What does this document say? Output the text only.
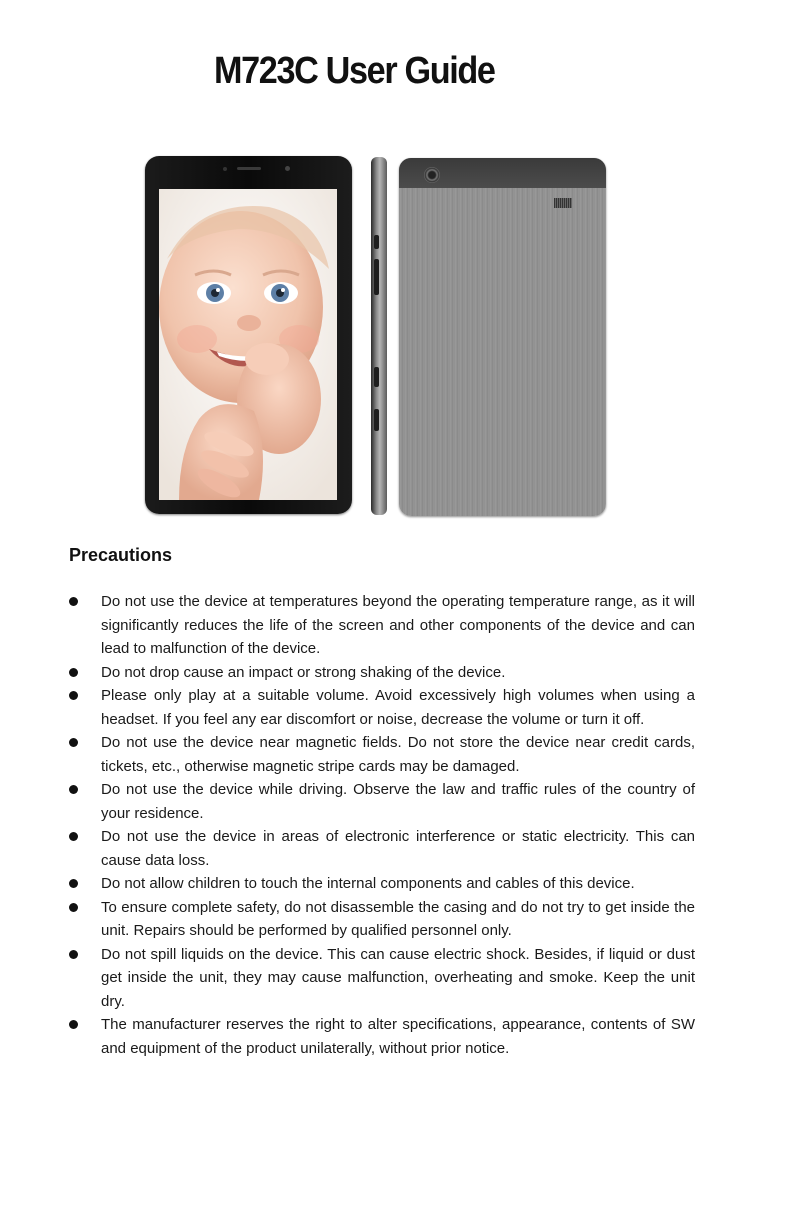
M723C User Guide
Precautions
Do not use the device at temperatures beyond the operating temperature range, as it will significantly reduces the life of the screen and other components of the device and can lead to malfunction of the device.
Do not drop cause an impact or strong shaking of the device.
Please only play at a suitable volume. Avoid excessively high volumes when using a headset. If you feel any ear discomfort or noise, decrease the volume or turn it off.
Do not use the device near magnetic fields. Do not store the device near credit cards, tickets, etc., otherwise magnetic stripe cards may be damaged.
Do not use the device while driving. Observe the law and traffic rules of the country of your residence.
Do not use the device in areas of electronic interference or static electricity. This can cause data loss.
Do not allow children to touch the internal components and cables of this device.
To ensure complete safety, do not disassemble the casing and do not try to get inside the unit. Repairs should be performed by qualified personnel only.
Do not spill liquids on the device. This can cause electric shock. Besides, if liquid or dust get inside the unit, they may cause malfunction, overheating and smoke. Keep the unit dry.
The manufacturer reserves the right to alter specifications, appearance, contents of SW and equipment of the product unilaterally, without prior notice.
